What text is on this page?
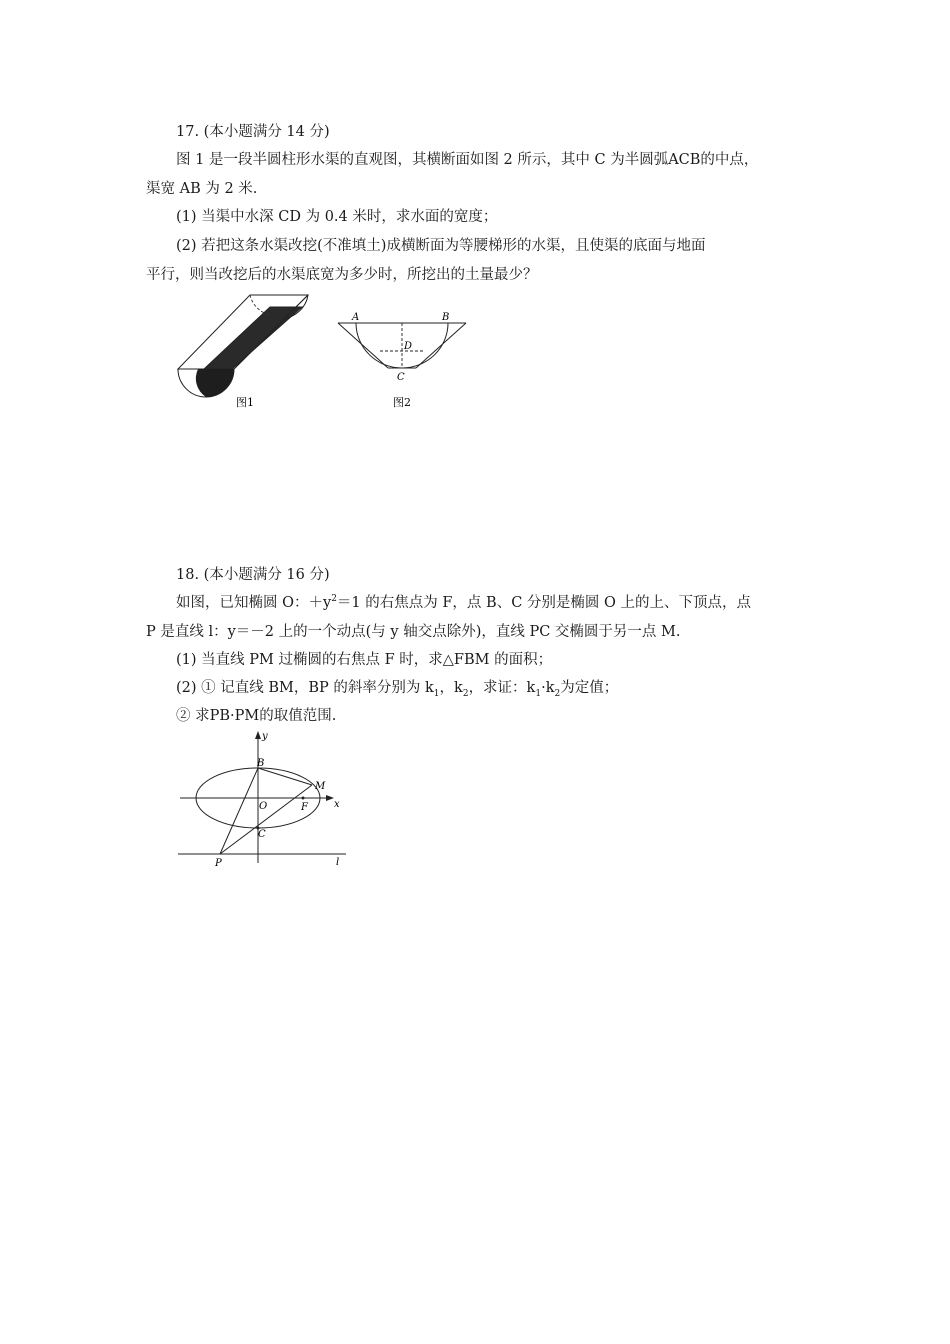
17. (本小题满分 14 分)
图 1 是一段半圆柱形水渠的直观图，其横断面如图 2 所示，其中 C 为半圆弧ACB的中点，
渠宽 AB 为 2 米.
(1) 当渠中水深 CD 为 0.4 米时，求水面的宽度；
(2) 若把这条水渠改挖(不准填土)成横断面为等腰梯形的水渠，且使渠的底面与地面
平行，则当改挖后的水渠底宽为多少时，所挖出的土量最少？
图1
A	B
D
C
图2
18. (本小题满分 16 分)
如图，已知椭圆 O：$+y^2=1$ 的右焦点为 F，点 B、C 分别是椭圆 O 上的上、下顶点，点
P 是直线 l：y＝－2 上的一个动点(与 y 轴交点除外)，直线 PC 交椭圆于另一点 M.
(1) 当直线 PM 过椭圆的右焦点 F 时，求△FBM 的面积；
(2) ① 记直线 BM，BP 的斜率分别为 $k_1$，$k_2$，求证：$k_1\cdot k_2$为定值；
② 求PB·PM的取值范围.
y
x
B
M
O	F
C
P	l
